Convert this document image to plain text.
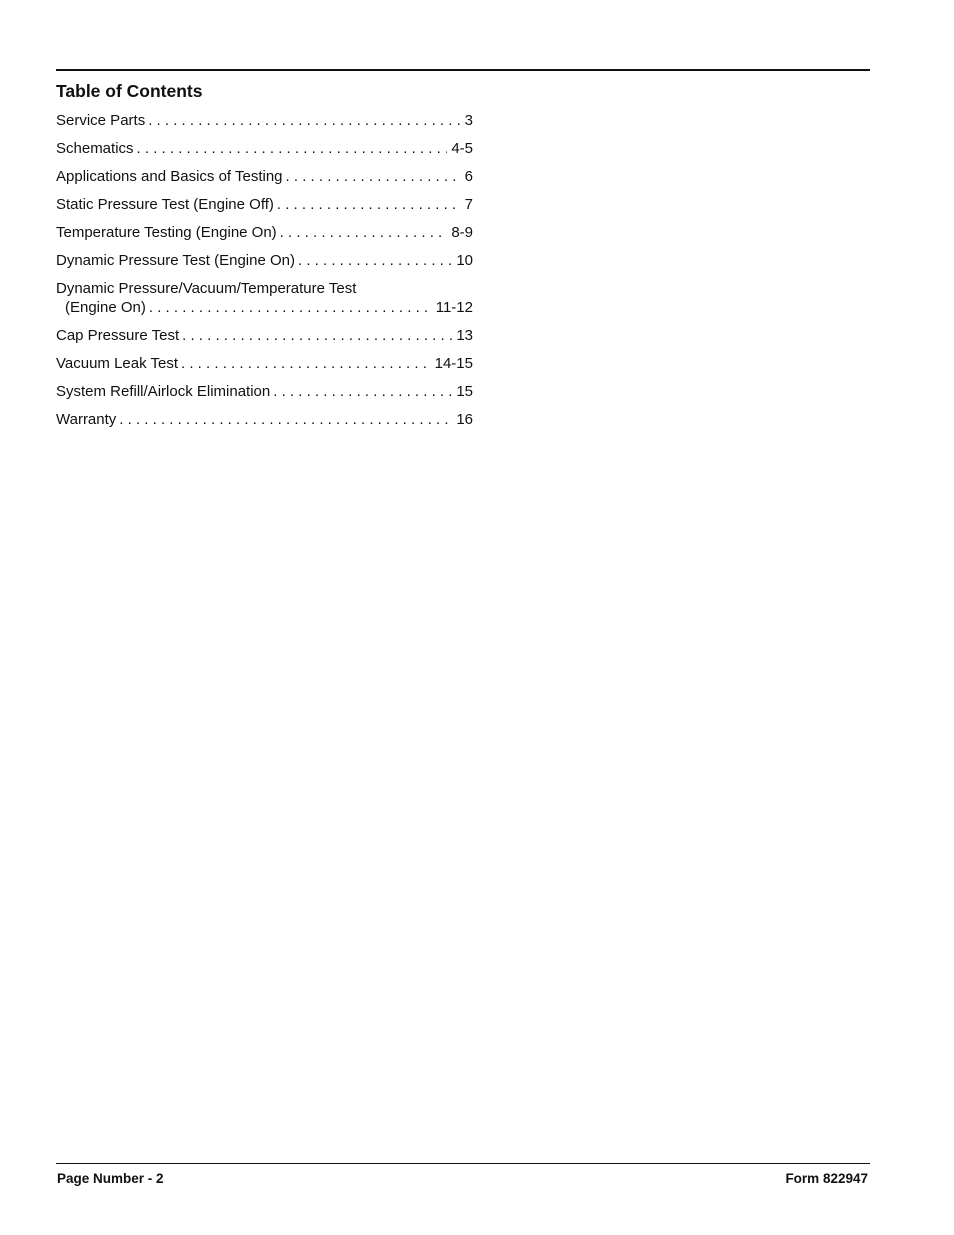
Table of Contents
Service Parts . . .	3
Schematics . . .	4-5
Applications and Basics of Testing . . .	6
Static Pressure Test (Engine Off) . . .	7
Temperature Testing (Engine On) . . .	8-9
Dynamic Pressure Test (Engine On) . . .	10
Dynamic Pressure/Vacuum/Temperature Test
(Engine On) . . .	11-12
Cap Pressure Test . . .	13
Vacuum Leak Test . . .	14-15
System Refill/Airlock Elimination . . .	15
Warranty . . .	16
Page Number - 2	Form 822947
